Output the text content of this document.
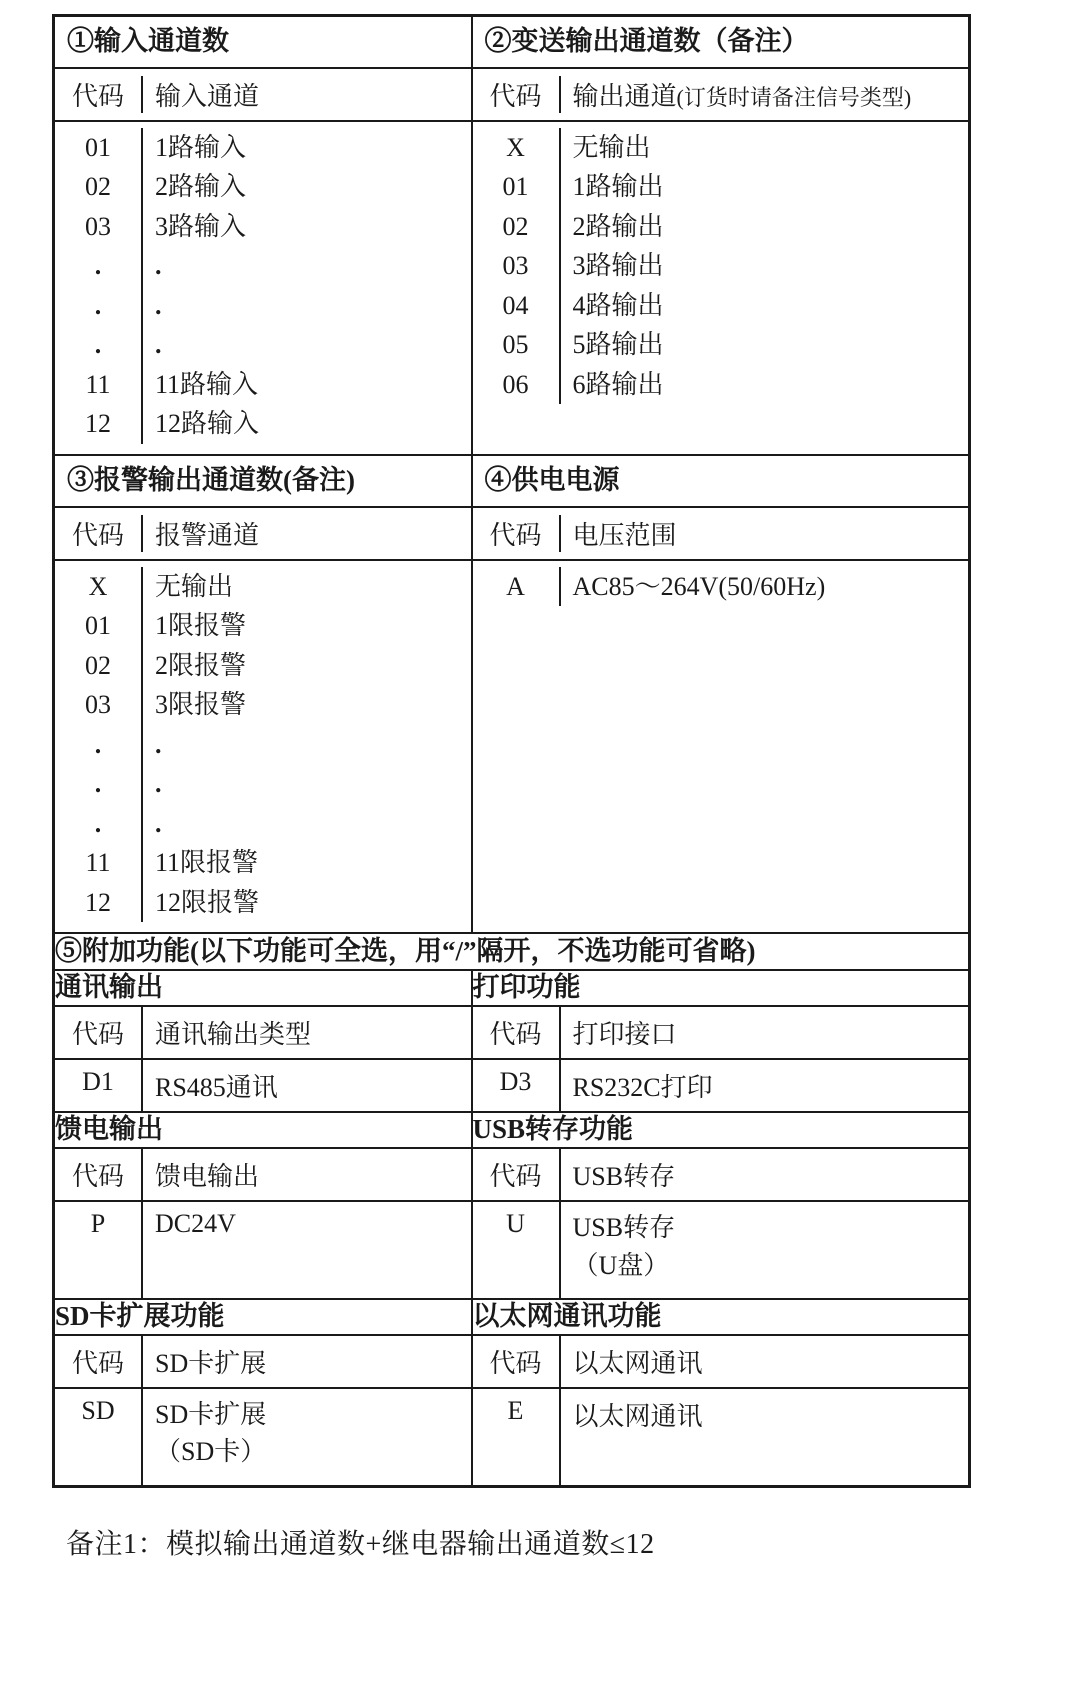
①输入通道数	②变送输出通道数（备注）

代码	输入通道
01	1路输入
02	2路输入
03	3路输入
.	.
.	.
.	.
11	11路输入
12	12路输入

代码	输出通道(订货时请备注信号类型)
X	无输出
01	1路输出
02	2路输出
03	3路输出
04	4路输出
05	5路输出
06	6路输出

③报警输出通道数(备注)	④供电电源

代码	报警通道
X	无输出
01	1限报警
02	2限报警
03	3限报警
.	.
.	.
.	.
11	11限报警
12	12限报警

代码	电压范围
A	AC85～264V(50/60Hz)

⑤附加功能(以下功能可全选，用“/”隔开，不选功能可省略)	
通讯输出	打印功能

代码	通讯输出类型
D1	RS485通讯

代码	打印接口
D3	RS232C打印

馈电输出	USB转存功能

代码	馈电输出
P	DC24V

代码	USB转存
U	USB转存
（U盘）

SD卡扩展功能	以太网通讯功能

代码	SD卡扩展
SD	SD卡扩展
（SD卡）

代码	以太网通讯
E	以太网通讯
备注1：模拟输出通道数+继电器输出通道数≤12
